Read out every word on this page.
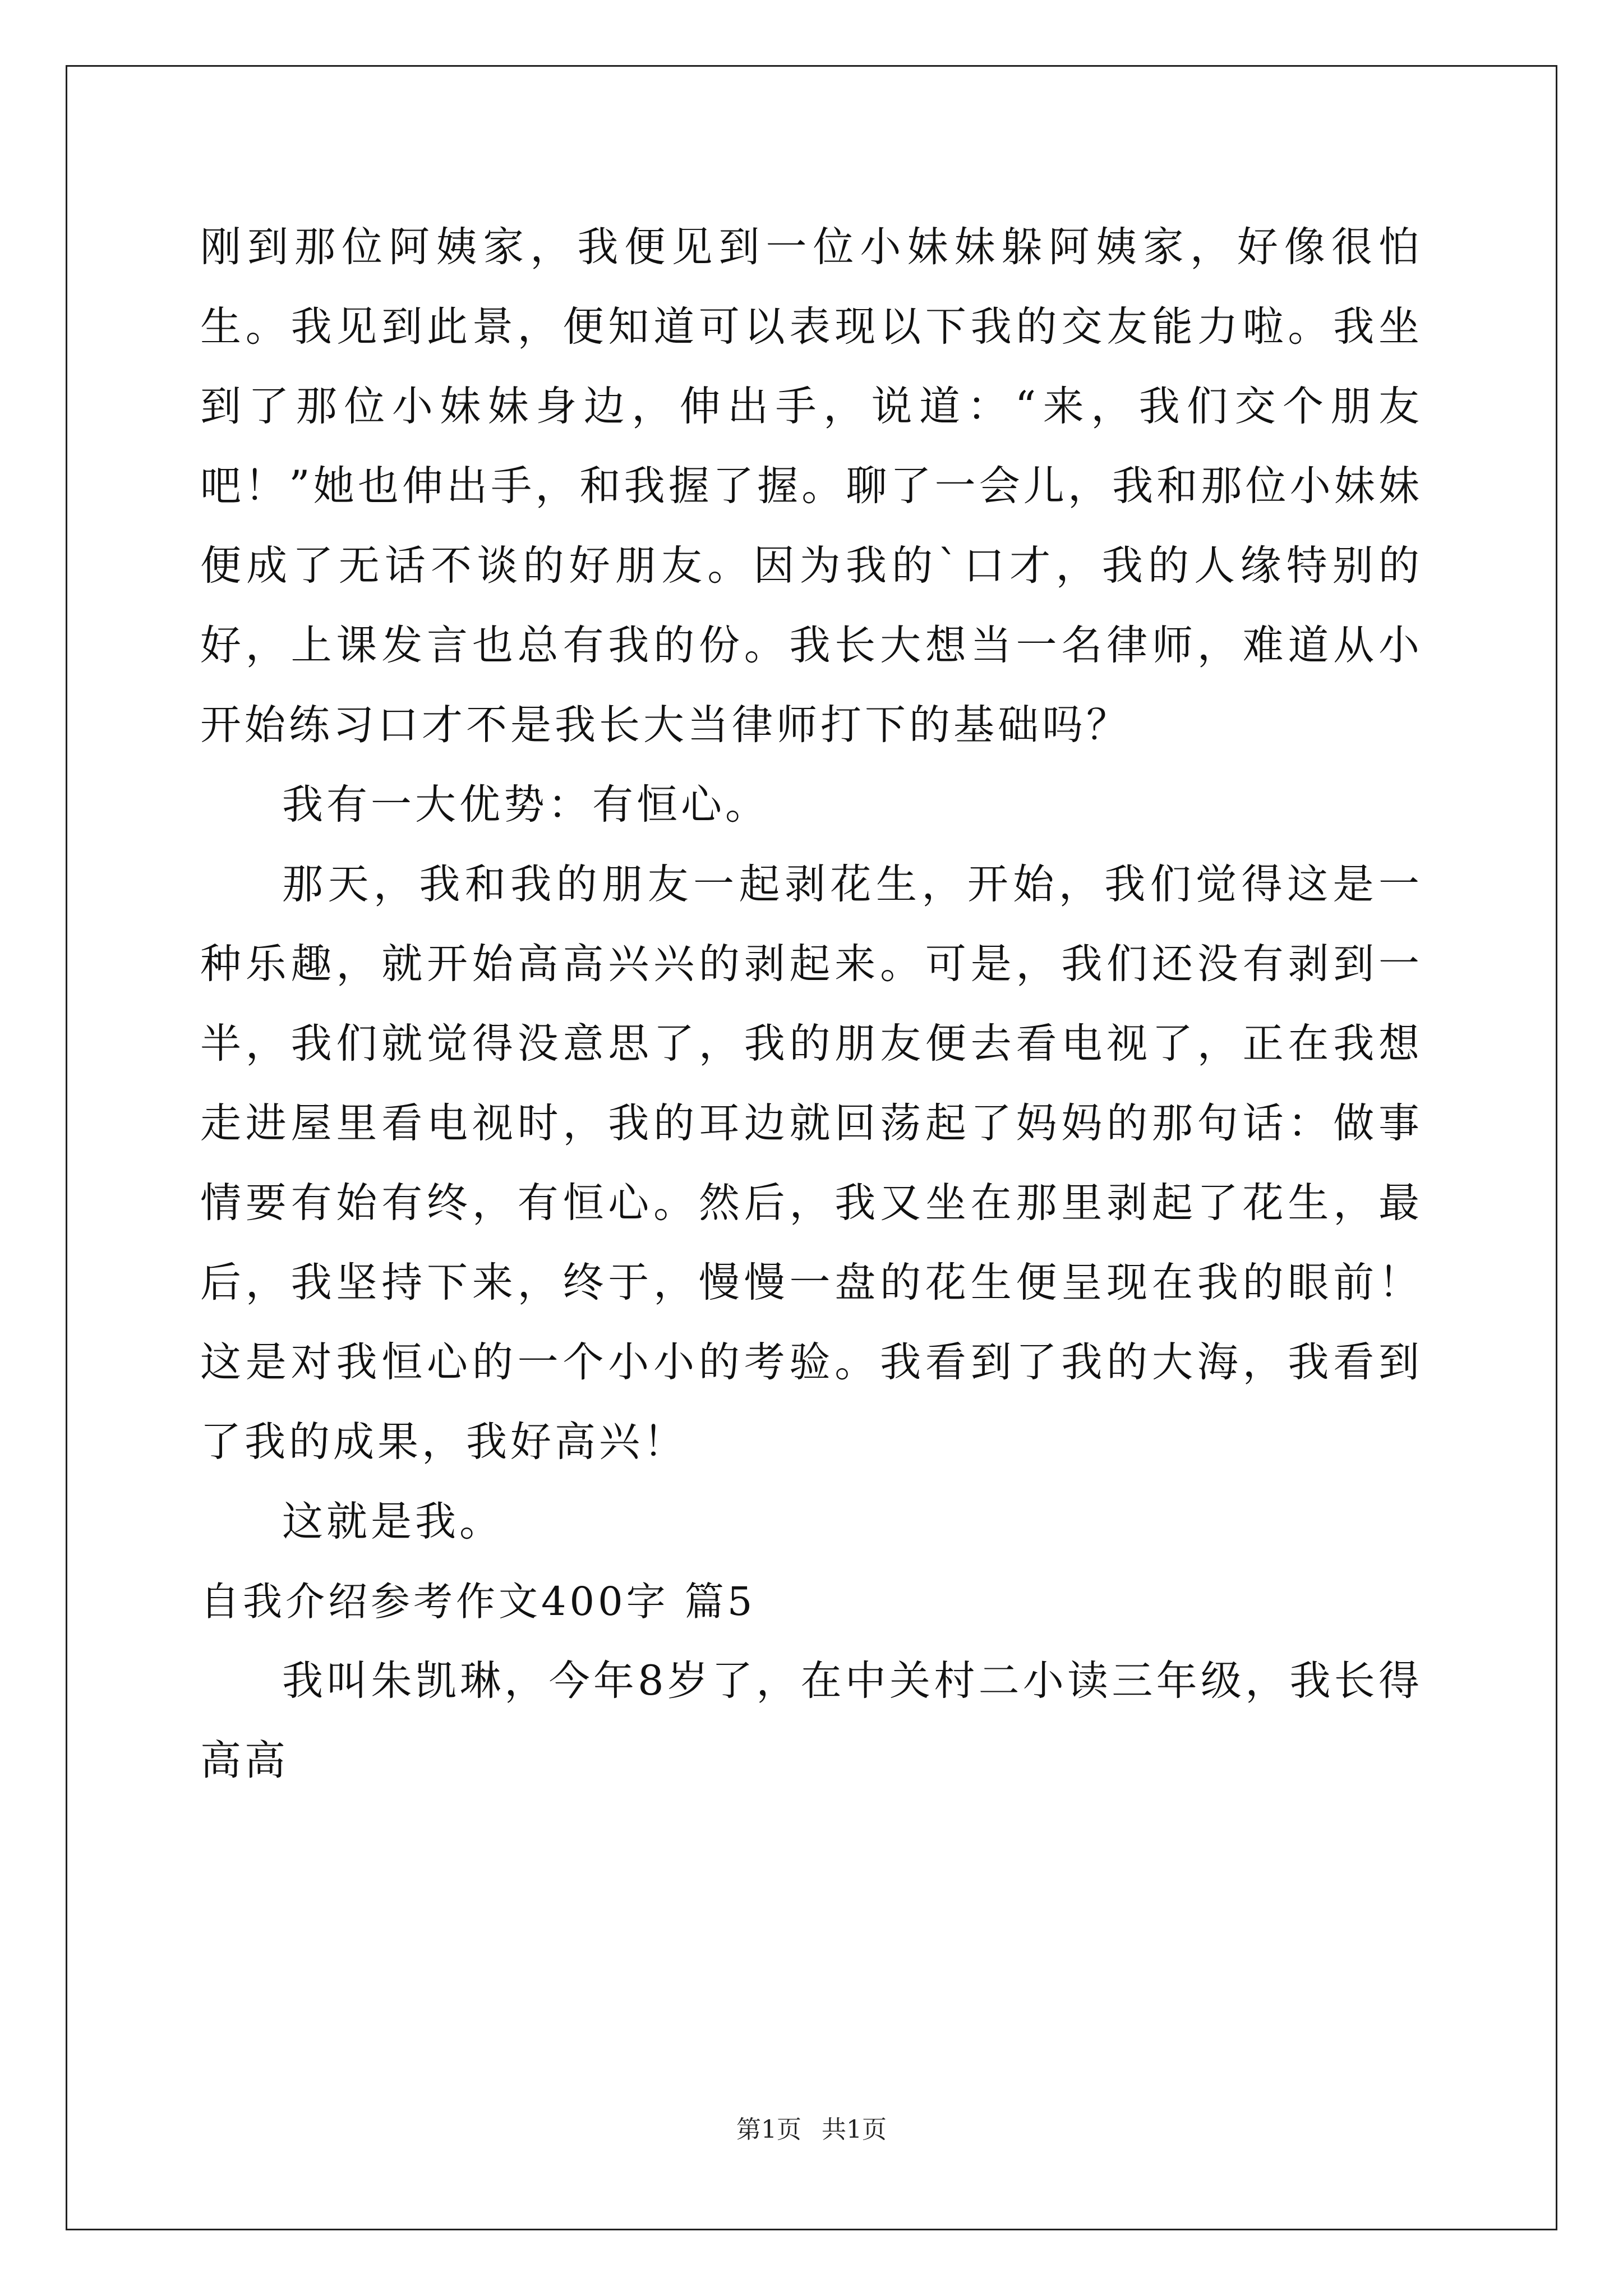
刚到那位阿姨家，我便见到一位小妹妹躲阿姨家，好像很怕生。我见到此景，便知道可以表现以下我的交友能力啦。我坐到了那位小妹妹身边，伸出手，说道：“来，我们交个朋友吧！”她也伸出手，和我握了握。聊了一会儿，我和那位小妹妹便成了无话不谈的好朋友。因为我的`口才，我的人缘特别的好，上课发言也总有我的份。我长大想当一名律师，难道从小开始练习口才不是我长大当律师打下的基础吗？

我有一大优势：有恒心。

那天，我和我的朋友一起剥花生，开始，我们觉得这是一种乐趣，就开始高高兴兴的剥起来。可是，我们还没有剥到一半，我们就觉得没意思了，我的朋友便去看电视了，正在我想走进屋里看电视时，我的耳边就回荡起了妈妈的那句话：做事情要有始有终，有恒心。然后，我又坐在那里剥起了花生，最后，我坚持下来，终于，慢慢一盘的花生便呈现在我的眼前！这是对我恒心的一个小小的考验。我看到了我的大海，我看到了我的成果，我好高兴！

这就是我。

自我介绍参考作文400字 篇5

我叫朱凯琳，今年8岁了，在中关村二小读三年级，我长得高高

第1页 共1页
